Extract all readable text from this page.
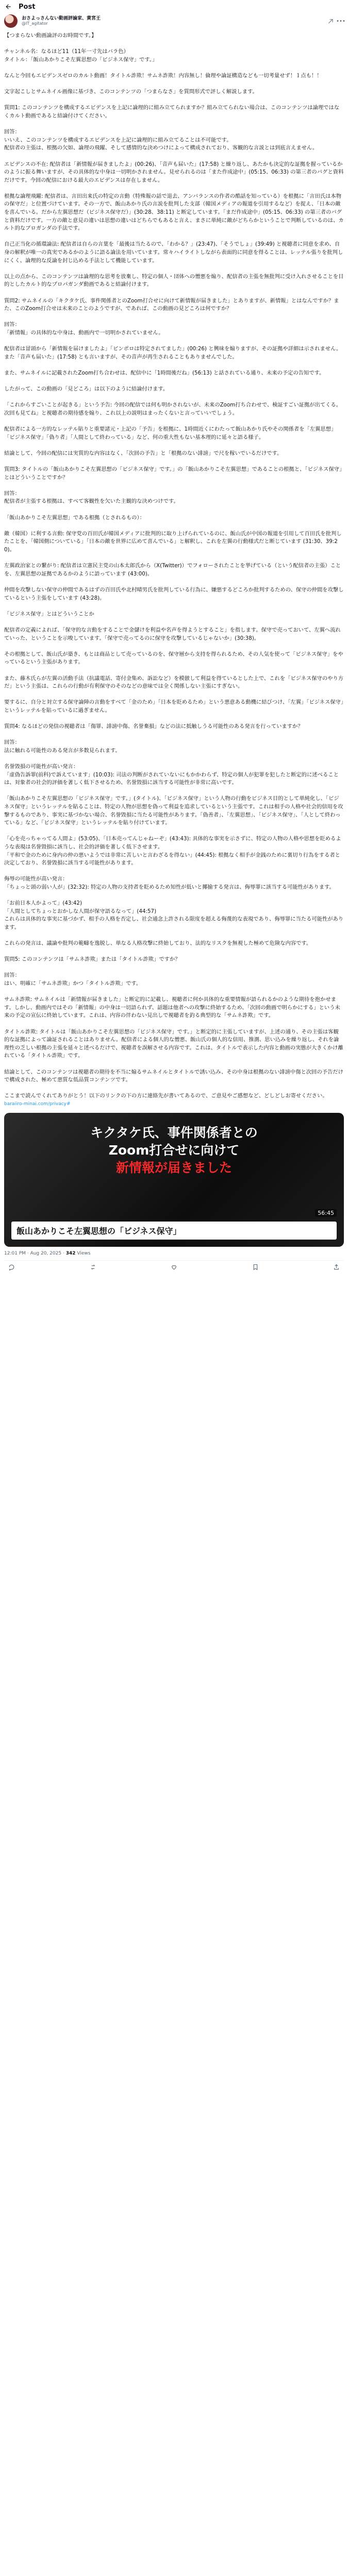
Post
おさよっさんない動画評論家、黄宮王
@IT_agitator	•••
【つまらない動画論評のお時間です。】

チャンネル名：なるほど11（11年一寸先はバラ色）
タイトル：「飯山あかりこそ左翼思想の「ビジネス保守」です。」

なんと今回もエビデンスゼロのカルト動画！タイトル詐欺！サムネ詐欺！内容無し！倫理や論証構造なども一切考量せず！１点も！！

文字起こしとサムネイル画像に基づき、このコンテンツの「つまらなさ」を質問形式で評しく解説します。

質問1: このコンテンツを構成するエビデンスを上記に論理的に組み立てられますか？組み立てられない場合は、このコンテンツは論理ではなくカルト動画であると結論付けてください。

回答：
いいえ、このコンテンツを構成するエビデンスを上記に論理的に組み立てることは不可能です。
配信者の主張は、根拠の欠如、論理の飛躍、そして感情的な決めつけによって構成されており、客観的な言説とは到底言えません。

エビデンスの不在: 配信者は「新情報が届きましたよ」(00:26)、「音声も届いた」(17:58) と繰り返し、あたかも決定的な証拠を握っているかのように振る舞いますが、その具体的な中身は一切明かされません。見せられるのは「また作成途中」(05:15、06:33) の第三者のバグと資料だけです。今回の配信における最大のエビデンスは存在しません。

根拠な論理飛躍: 配信者は、言田出来氏の特定の言動（特殊報の話で退去、アンバランスの作者の酷話を知っている）を根拠に「言田氏は本物の保守だ」と位置づけています。その一方で、飯山あかり氏の言説を批判した支部（韓国メディアの報道を引用するなど）を捉え、「日本の敵を喜んでいる。だから左翼思想だ（ビジネス保守だ）」(30:28、38:11) と断定しています。「まだ作成途中」(05:15、06:33) の第三者のバグと資料だけです。一方の敵と意見の違いは思想の違いはどちらでもあると言え、まさに単純に敵がどちらかということで判断しているのは、カルト的なブロガンダの手法です。

自己正当化の循環論法: 配信者は自らの言葉を「最後は当たるので、「わかる？」(23:47)、「そうでしょ」(39:49) と視聴者に同意を求め、自身の解釈が唯一の真実であるかのように語る論法を用いています。常々ハイライトしながら表面的に同意を得ることは、レッテル張りを批判しにくく、論理的な反論を封じ込める手法として機能しています。

以上の点から、このコンテンツは論理的な思考を放棄し、特定の個人・団体への憎悪を煽り、配信者の主張を無批判に受け入れさせることを目的としたカルト的なプロパガンダ動画であると結論付けます。

質問2: サムネイルの「キクタケ氏、事件関係者とのZoom打合せに向けて新情報が届きました」とありますが、新情報」とはなんですか？また、このZoom打合せは未来のことのようですが、であれば、この動画の見どころは何ですか？

回答：
「新情報」の具体的な中身は、動画内で一切明かされていません。

配信者は冒頭から「新情報を届けましたよ」「ピンポロは特定されてました」(00:26) と興味を煽りますが、その証拠や詳細は示されません。また「音声も届いた」(17:58) とも言いますが、その音声が再生されることもありませんでした。

また、サムネイルに記載されたZoom打ち合わせは、配信中に「1時間後だね」(56:13) と話されている通り、未来の予定の告知です。

したがって、この動画の「見どころ」は以下のように結論付けます。

「これからすごいことが起きる」という予告: 今回の配信では何も明かされないが、未来のZoom打ち合わせで、検証すごい証拠が出てくる。次回も見てね」と視聴者の期待感を煽り、これ以上の説明はまったくないと言っていいでしょう。

配信者による一方的なレッテル貼りと重要諸元・上記の「予告」を根拠に、1時間近くにわたって飯山あかり氏やその関係者を「左翼思想」「ビジネス保守」「偽り者」「人間として終わっている」など、何の重大性もない基本理的に延々と語る様子。

結論として、今回の配信には実質的な内容はなく、「次回の予告」と「根拠のない誹謗」で尺を稼いでいるだけです。

質問3: タイトルの「飯山あかりこそ左翼思想の「ビジネス保守」です。」の「飯山あかりこそ左翼思想」であることの根拠と、「ビジネス保守」とはどういうことですか？

回答：
配信者が主張する根拠は、すべて客観性を欠いた主観的な決めつけです。

「飯山あかりこそ左翼思想」である根拠（とされるもの）：

敵（韓国）に利する言動: 保守党の百田氏が韓国メディアに批判的に取り上げられているのに、飯山氏が中国の報道を引用して百田氏を批判したことを、「韓国側についている」「日本の敵を世界に広めて喜んでいる」と解釈し、これを左翼の行動様式だと断じています (31:30、39:20)。

左翼政治家との繋がり: 配信者は立憲民主党の山本太郎氏から（X(Twitter)）でフォローされたことを挙げている（という配信者の主張）ことを、左翼思想の証拠であるかのように語っています (43:00)。

仲間を攻撃しない保守の仲間であるはずの百田氏や北村晴男氏を批判している行為に、嫌悪するどころか批判するための、保守の仲間を攻撃しているという主張をしています (43:28)。

「ビジネス保守」とはどういうことか

配信者の定義によれば、「保守的な言動をすることで金儲けを利益や名声を得ようとすること」を指します。保守で売っておいて、左翼へ流れていった、ということを示唆しています。「保守で売ってるのに保守を攻撃しているじゃないか」(30:38)。

その根拠として、飯山氏が築き、もとは商品として売っているのを、保守層から支持を得られるため、その人気を使って「ビジネス保守」をやっているという主張があります。

また、藤木氏らが左翼の活動手法（抗議電話、寄付金集め、訴訟など）を模倣して利益を得ているとした上で、これを「ビジネス保守のやり方だ」という主張は、これらの行動が有利保守のそのなどの意味では全く関係しない主張にすぎない。

要するに、自分と対立する保守論陣の言動をすべて「金のため」「日本を貶めるため」という悪意ある動機に結びつけ、「左翼」「ビジネス保守」というレッテルを貼っているに過ぎません。

質問4: なるほどの発信の視聴者は「傷罪、誹謗中傷、名誉棄損」などの法に抵触しうる可能性のある発言を行っていますか？

回答：
法に触れる可能性のある発言が多数見られます。

名誉毀損の可能性が高い発言：
「虚偽告訴罪(前科)で訴えています」(10:03): 司法の判断がされていないにもかかわらず、特定の個人が犯罪を犯したと断定的に述べることは、対象者の社会的評価を著しく低下させるため、名誉毀損に該当する可能性が非常に高いです。

「飯山あかりこそ左翼思想の「ビジネス保守」です。」(タイトル)、「ビジネス保守」という人物の行動をビジネス目的として単純化し、「ビジネス保守」というレッテルを貼ることは、特定の人物が思想を偽って利益を追求しているという主張です。これは相手の人格や社会的信用を攻撃するものであり、事実に基づかない場合、名誉毀損に当たる可能性があります。「偽善者」、「左翼思想」、「ビジネス保守」、「人として終わっている」など、「ビジネス保守」というレッテルを貼り付けています。

「心を売っちゃってる人間よ」(53:05)、「日本売ってんじゃねーぞ」(43:43): 具体的な事実を示さずに、特定の人物の人格や思想を貶めるような表現は名誉毀損に該当し、社会的評価を著しく低下させます。
「平和で金のために身内の仲の悪いようでは非常に苦しいと言わざるを得ない」(44:45): 根拠なく相手が金銭のために裏切り行為をする者と決定しており、名誉毀損に該当する可能性があります。

侮辱の可能性が高い発言：
「ちょっと頭の弱い人が」(32:32): 特定の人物の支持者を貶めるため知性が低いと揶揄する発言は、侮辱罪に該当する可能性があります。

「お前日本人かよって」(43:42)
「人間としてちょっとおかしな人間が保守語るなって」(44:57)
これらは具体的な事実に基づかず、相手の人格を否定し、社会通念上許される限度を超える侮蔑的な表現であり、侮辱罪に当たる可能性があります。

これらの発言は、議論や批判の範疇を逸脱し、単なる人格攻撃に終始しており、法的なリスクを無視した極めて危険な内容です。

質問5: このコンテンツは「サムネ詐欺」または「タイトル詐欺」ですか？

回答：
はい、明確に「サムネ詐欺」かつ「タイトル詐欺」です。

サムネ詐欺: サムネイルは「新情報が届きました」と断定的に記載し、視聴者に何か具体的な重要情報が語られるかのような期待を抱かせます。しかし、動画内ではその「新情報」の中身は一切語られず、話題は他者への攻撃に終始するため、「次回の動画で明らかにする」という未来の予定の宣伝に終始しています。これは、内容の伴わない見出しで視聴者を釣る典型的な「サムネ詐欺」です。

タイトル詐欺: タイトルは「飯山あかりこそ左翼思想の「ビジネス保守」です。」と断定的に主張していますが、上述の通り、その主張は客観的な証拠によって論証されることはありません。配信者による個人的な憎悪、飯山氏の個人的な信用、推測、思い込みを繰り返し、それを論理性の乏しい根拠の主張を延々と述べるだけで、視聴者を誤解させる内容です。これは、タイトルで表示した内容と動画の実態が大きくかけ離れている「タイトル詐欺」です。

結論として、このコンテンツは視聴者の期待を不当に煽るサムネイルとタイトルで誘い込み、その中身は根拠のない誹謗中傷と次回の予告だけで構成された、極めて悪質な低品質コンテンツです。

ここまで読んでくれてありがとう！以下のリンクの下の方に連絡先が書いてあるので、ご意見やご感想など、どしどしお寄せください。
baraiiro-minai.com/privacy#
キクタケ氏、事件関係者との
Zoom打合せに向けて
新情報が届きました
56:45
飯山あかりこそ左翼思想の「ビジネス保守」
12:01 PM · Aug 20, 2025 · 342 Views
